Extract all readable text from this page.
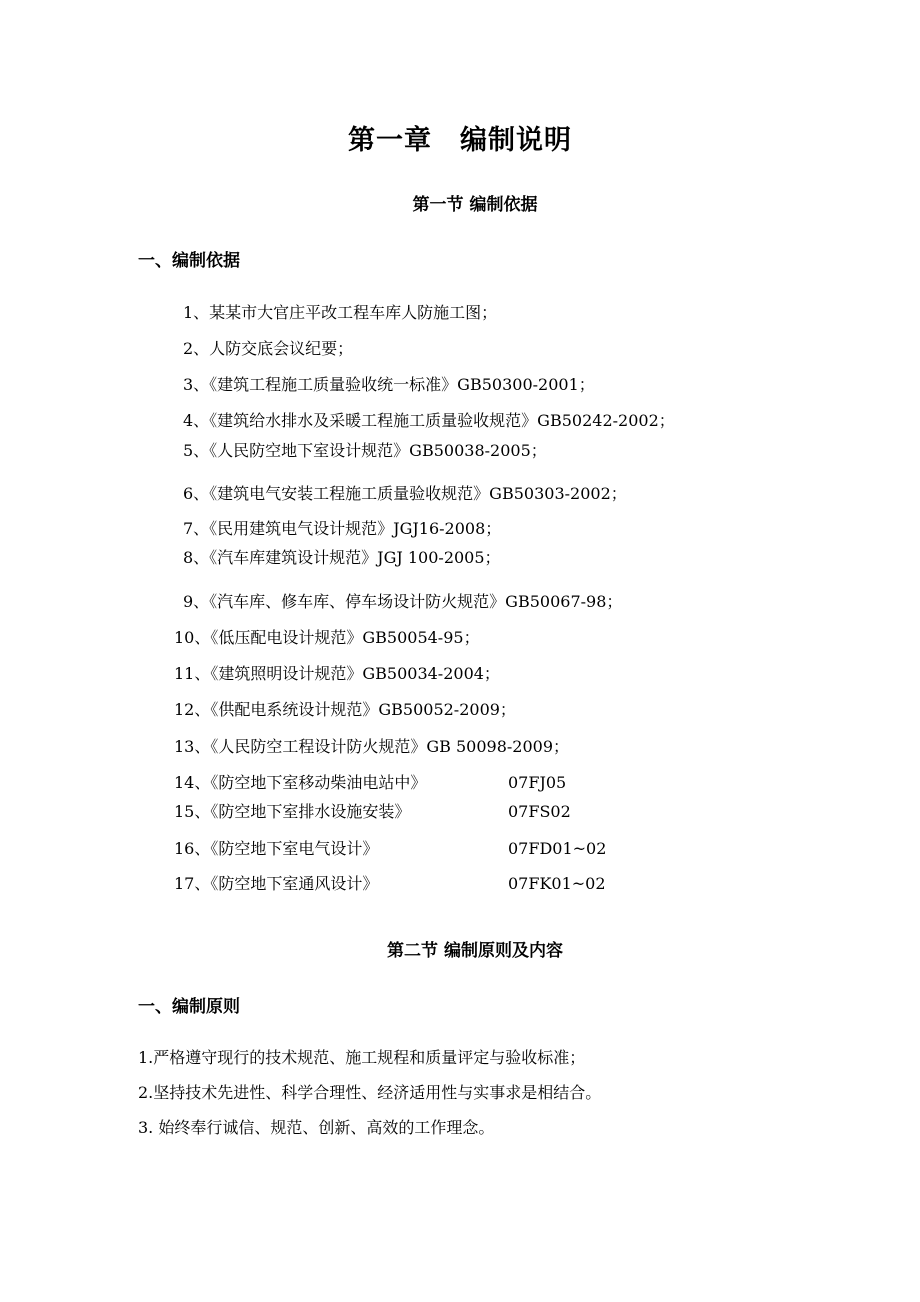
第一章　编制说明
第一节 编制依据
一、编制依据
1、某某市大官庄平改工程车库人防施工图；
2、人防交底会议纪要；
3、《建筑工程施工质量验收统一标准》GB50300-2001；
4、《建筑给水排水及采暖工程施工质量验收规范》GB50242-2002；
5、《人民防空地下室设计规范》GB50038-2005；
6、《建筑电气安装工程施工质量验收规范》GB50303-2002；
7、《民用建筑电气设计规范》JGJ16-2008；
8、《汽车库建筑设计规范》JGJ 100-2005；
9、《汽车库、修车库、停车场设计防火规范》GB50067-98；
10、《低压配电设计规范》GB50054-95；
11、《建筑照明设计规范》GB50034-2004；
12、《供配电系统设计规范》GB50052-2009；
13、《人民防空工程设计防火规范》GB 50098-2009；
14、《防空地下室移动柴油电站中》	07FJ05
15、《防空地下室排水设施安装》	07FS02
16、《防空地下室电气设计》	07FD01~02
17、《防空地下室通风设计》	07FK01~02
第二节 编制原则及内容
一、编制原则
1.严格遵守现行的技术规范、施工规程和质量评定与验收标准；
2.坚持技术先进性、科学合理性、经济适用性与实事求是相结合。
3. 始终奉行诚信、规范、创新、高效的工作理念。
